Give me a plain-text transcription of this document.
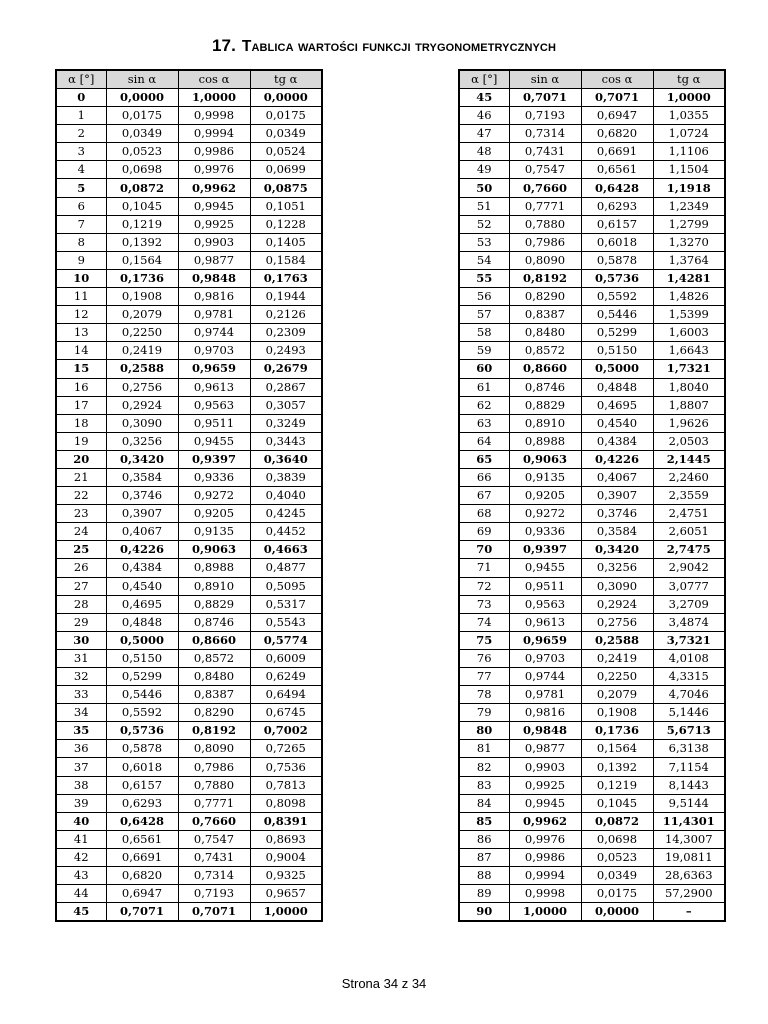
17. Tablica wartości funkcji trygonometrycznych
α [°]	sin α	cos α	tg α
0	0,0000	1,0000	0,0000
1	0,0175	0,9998	0,0175
2	0,0349	0,9994	0,0349
3	0,0523	0,9986	0,0524
4	0,0698	0,9976	0,0699
5	0,0872	0,9962	0,0875
6	0,1045	0,9945	0,1051
7	0,1219	0,9925	0,1228
8	0,1392	0,9903	0,1405
9	0,1564	0,9877	0,1584
10	0,1736	0,9848	0,1763
11	0,1908	0,9816	0,1944
12	0,2079	0,9781	0,2126
13	0,2250	0,9744	0,2309
14	0,2419	0,9703	0,2493
15	0,2588	0,9659	0,2679
16	0,2756	0,9613	0,2867
17	0,2924	0,9563	0,3057
18	0,3090	0,9511	0,3249
19	0,3256	0,9455	0,3443
20	0,3420	0,9397	0,3640
21	0,3584	0,9336	0,3839
22	0,3746	0,9272	0,4040
23	0,3907	0,9205	0,4245
24	0,4067	0,9135	0,4452
25	0,4226	0,9063	0,4663
26	0,4384	0,8988	0,4877
27	0,4540	0,8910	0,5095
28	0,4695	0,8829	0,5317
29	0,4848	0,8746	0,5543
30	0,5000	0,8660	0,5774
31	0,5150	0,8572	0,6009
32	0,5299	0,8480	0,6249
33	0,5446	0,8387	0,6494
34	0,5592	0,8290	0,6745
35	0,5736	0,8192	0,7002
36	0,5878	0,8090	0,7265
37	0,6018	0,7986	0,7536
38	0,6157	0,7880	0,7813
39	0,6293	0,7771	0,8098
40	0,6428	0,7660	0,8391
41	0,6561	0,7547	0,8693
42	0,6691	0,7431	0,9004
43	0,6820	0,7314	0,9325
44	0,6947	0,7193	0,9657
45	0,7071	0,7071	1,0000
α [°]	sin α	cos α	tg α
45	0,7071	0,7071	1,0000
46	0,7193	0,6947	1,0355
47	0,7314	0,6820	1,0724
48	0,7431	0,6691	1,1106
49	0,7547	0,6561	1,1504
50	0,7660	0,6428	1,1918
51	0,7771	0,6293	1,2349
52	0,7880	0,6157	1,2799
53	0,7986	0,6018	1,3270
54	0,8090	0,5878	1,3764
55	0,8192	0,5736	1,4281
56	0,8290	0,5592	1,4826
57	0,8387	0,5446	1,5399
58	0,8480	0,5299	1,6003
59	0,8572	0,5150	1,6643
60	0,8660	0,5000	1,7321
61	0,8746	0,4848	1,8040
62	0,8829	0,4695	1,8807
63	0,8910	0,4540	1,9626
64	0,8988	0,4384	2,0503
65	0,9063	0,4226	2,1445
66	0,9135	0,4067	2,2460
67	0,9205	0,3907	2,3559
68	0,9272	0,3746	2,4751
69	0,9336	0,3584	2,6051
70	0,9397	0,3420	2,7475
71	0,9455	0,3256	2,9042
72	0,9511	0,3090	3,0777
73	0,9563	0,2924	3,2709
74	0,9613	0,2756	3,4874
75	0,9659	0,2588	3,7321
76	0,9703	0,2419	4,0108
77	0,9744	0,2250	4,3315
78	0,9781	0,2079	4,7046
79	0,9816	0,1908	5,1446
80	0,9848	0,1736	5,6713
81	0,9877	0,1564	6,3138
82	0,9903	0,1392	7,1154
83	0,9925	0,1219	8,1443
84	0,9945	0,1045	9,5144
85	0,9962	0,0872	11,4301
86	0,9976	0,0698	14,3007
87	0,9986	0,0523	19,0811
88	0,9994	0,0349	28,6363
89	0,9998	0,0175	57,2900
90	1,0000	0,0000	–
Strona 34 z 34
